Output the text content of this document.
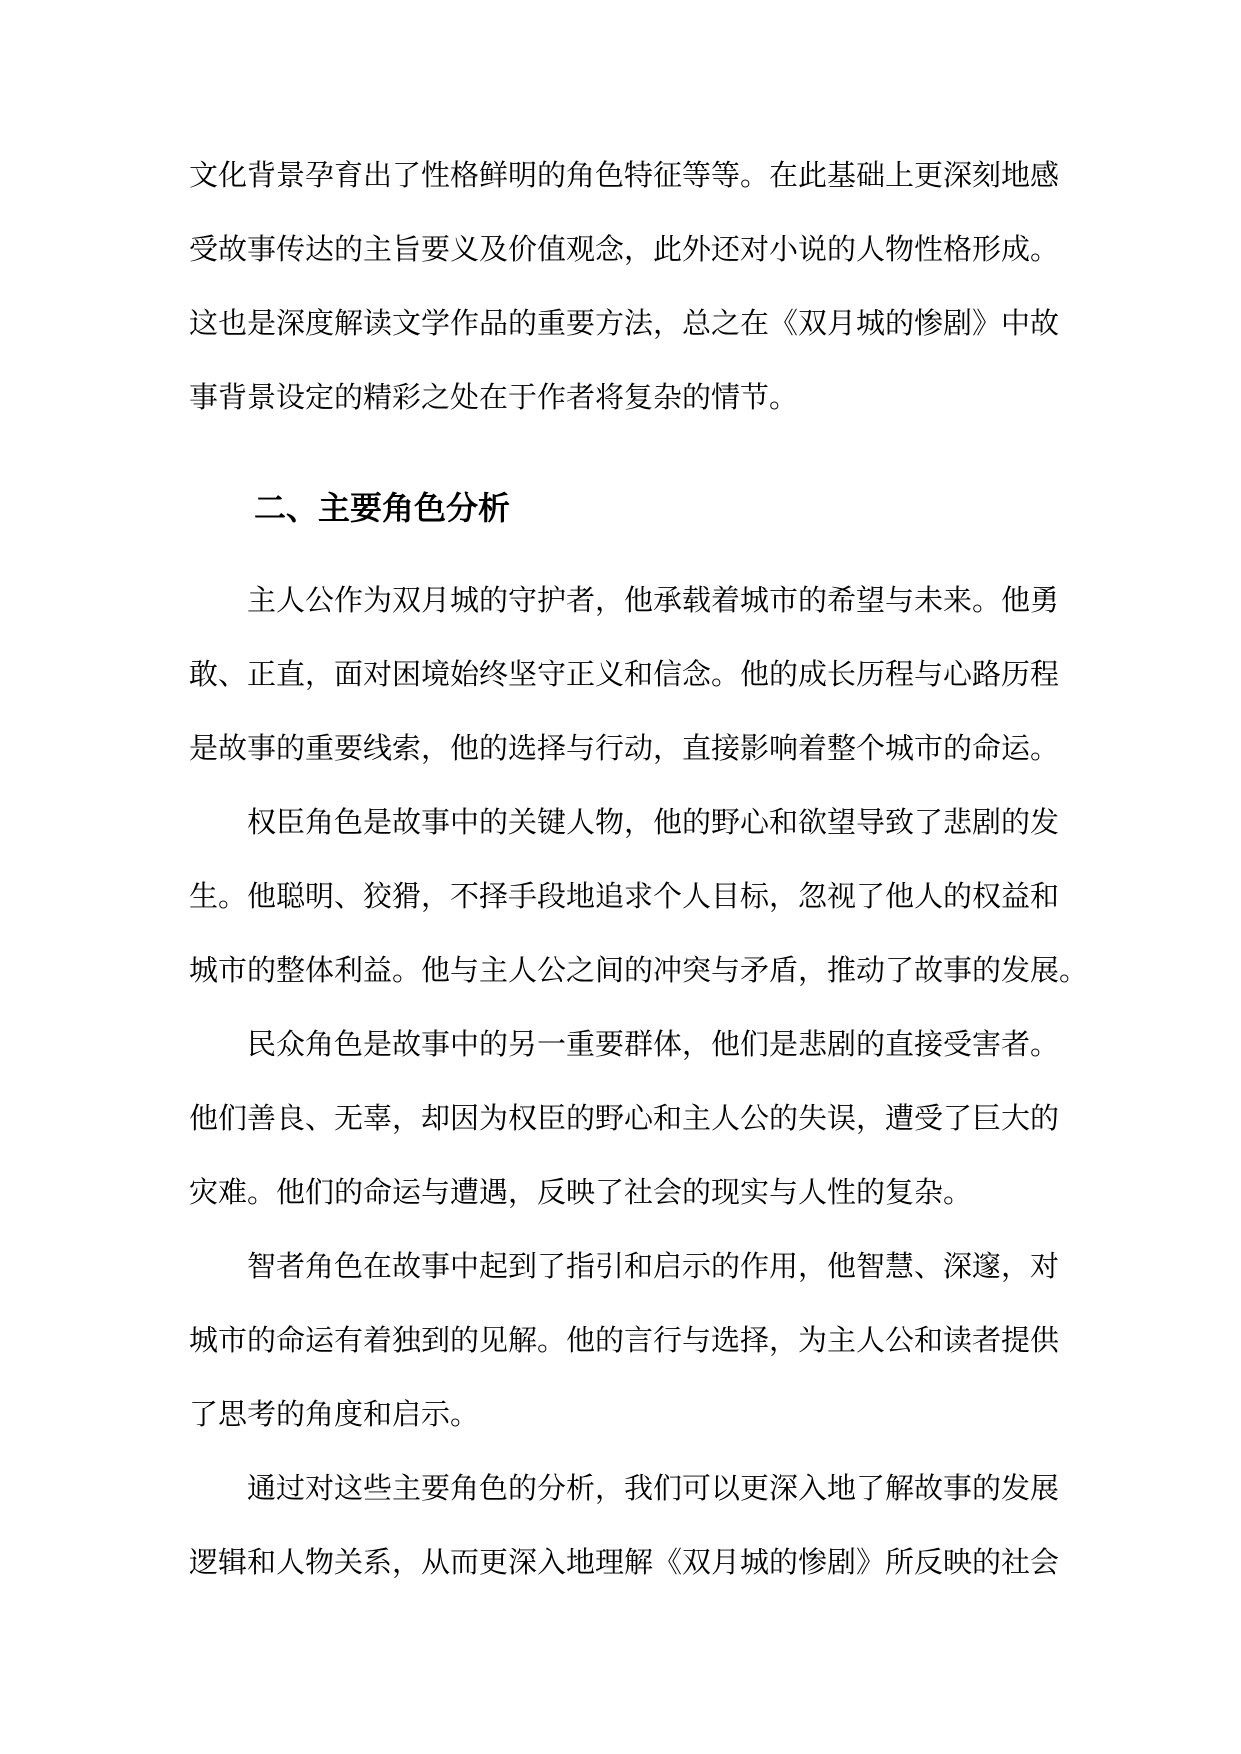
文化背景孕育出了性格鲜明的角色特征等等。在此基础上更深刻地感
受故事传达的主旨要义及价值观念，此外还对小说的人物性格形成。
这也是深度解读文学作品的重要方法，总之在《双月城的惨剧》中故
事背景设定的精彩之处在于作者将复杂的情节。

二、主要角色分析

主人公作为双月城的守护者，他承载着城市的希望与未来。他勇
敢、正直，面对困境始终坚守正义和信念。他的成长历程与心路历程
是故事的重要线索，他的选择与行动，直接影响着整个城市的命运。

权臣角色是故事中的关键人物，他的野心和欲望导致了悲剧的发
生。他聪明、狡猾，不择手段地追求个人目标，忽视了他人的权益和
城市的整体利益。他与主人公之间的冲突与矛盾，推动了故事的发展。

民众角色是故事中的另一重要群体，他们是悲剧的直接受害者。
他们善良、无辜，却因为权臣的野心和主人公的失误，遭受了巨大的
灾难。他们的命运与遭遇，反映了社会的现实与人性的复杂。

智者角色在故事中起到了指引和启示的作用，他智慧、深邃，对
城市的命运有着独到的见解。他的言行与选择，为主人公和读者提供
了思考的角度和启示。

通过对这些主要角色的分析，我们可以更深入地了解故事的发展
逻辑和人物关系，从而更深入地理解《双月城的惨剧》所反映的社会
